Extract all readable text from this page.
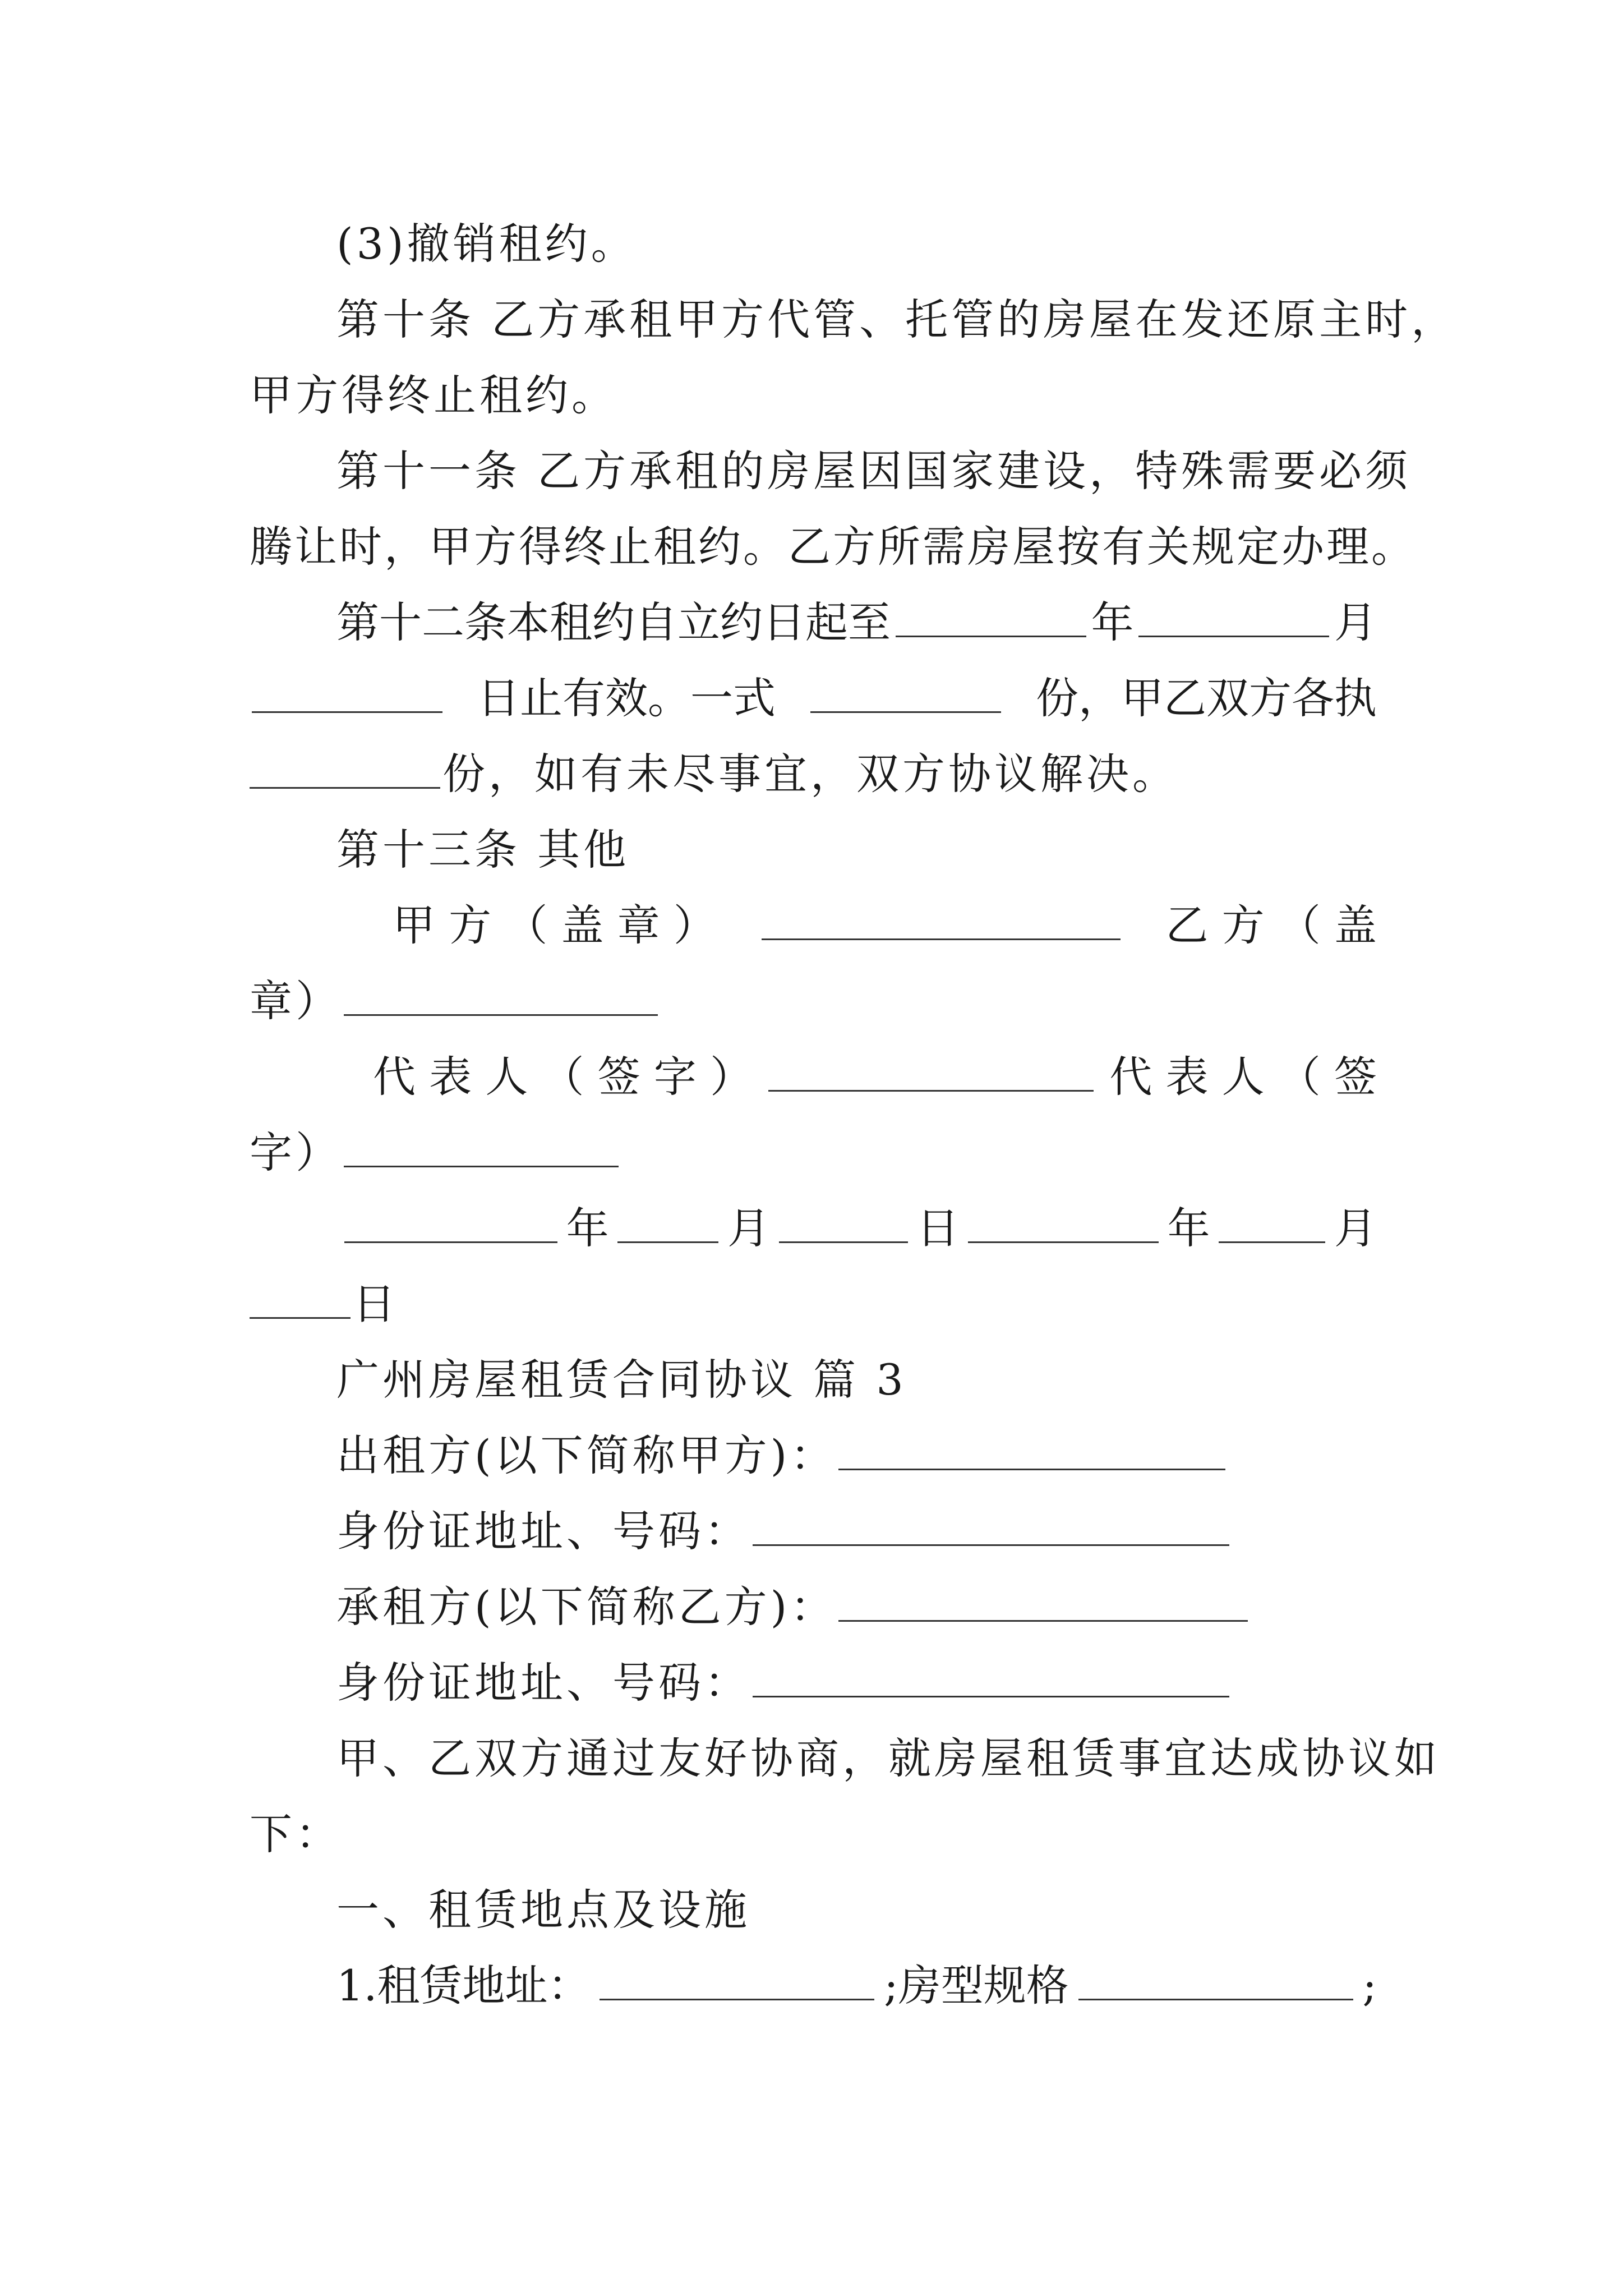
(3)撤销租约。
第十条 乙方承租甲方代管、托管的房屋在发还原主时，
甲方得终止租约。
第十一条 乙方承租的房屋因国家建设，特殊需要必须
腾让时，甲方得终止租约。乙方所需房屋按有关规定办理。
第十二条本租约自立约日起至	年	月
日止有效。一式	份，甲乙双方各执
份，如有未尽事宜，双方协议解决。
第十三条 其他
甲 方 （ 盖 章 ）	乙 方 （ 盖
章）
代 表 人 （ 签 字 ）	代 表 人 （ 签
字）
年	月	日	年	月
日
广州房屋租赁合同协议 篇 3
出租方(以下简称甲方)：
身份证地址、号码：
承租方(以下简称乙方)：
身份证地址、号码：
甲、乙双方通过友好协商，就房屋租赁事宜达成协议如
下：
一、租赁地点及设施
1.租赁地址：	;房型规格	;
